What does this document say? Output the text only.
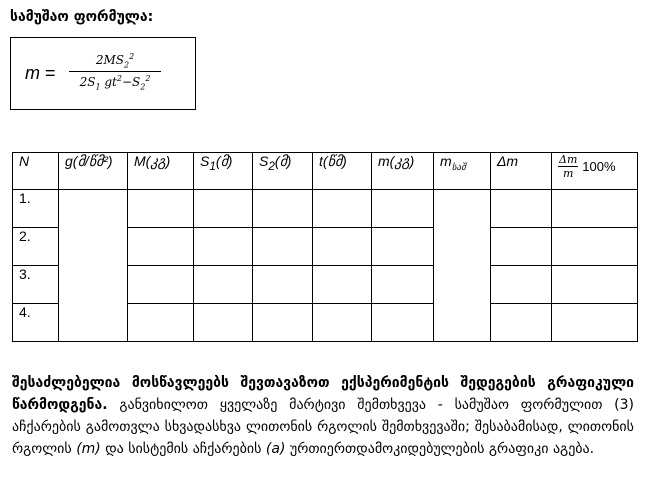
სამუშაო ფორმულა:
$m = \frac{2MS_2^2}{2S_1 gt^2-S_2^2}$
N	g(მ/წმ²)	M(კგ)	$S_1(მ)$	$S_2(მ)$	t(წმ)	m(კგ)	$m_{საშ}$	Δm	$\frac{\Delta m}{m} 100\%$
1.									
2.									
3.									
4.									
შესაძლებელია მოსწავლეებს შევთავაზოთ ექსპერიმენტის შედეგების გრაფიკული წარმოდგენა. განვიხილოთ ყველაზე მარტივი შემთხვევა - სამუშაო ფორმულით (3) აჩქარების გამოთვლა სხვადასხვა ლითონის რგოლის შემთხვევაში; შესაბამისად, ლითონის რგოლის (m) და სისტემის აჩქარების (a) ურთიერთდამოკიდებულების გრაფიკი აგება.
